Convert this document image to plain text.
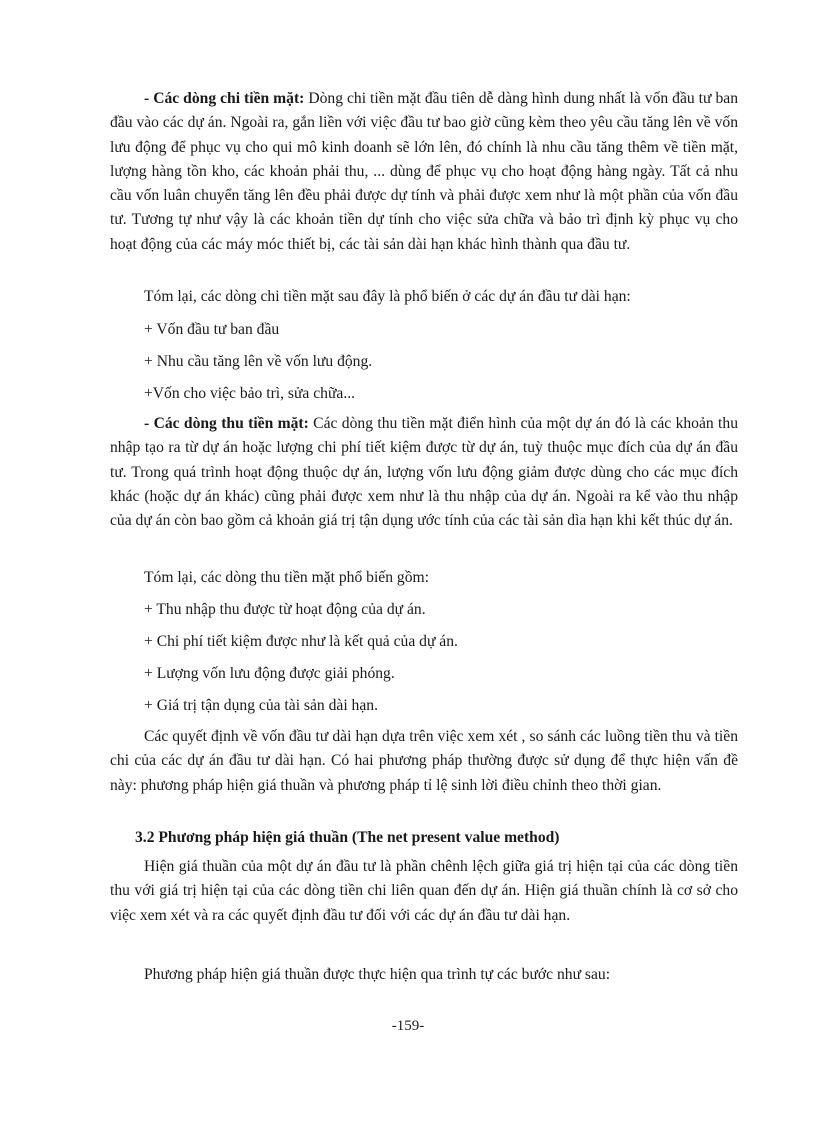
- Các dòng chi tiền mặt: Dòng chi tiền mặt đầu tiên dễ dàng hình dung nhất là vốn đầu tư ban đầu vào các dự án. Ngoài ra, gắn liền với việc đầu tư bao giờ cũng kèm theo yêu cầu tăng lên về vốn lưu động để phục vụ cho qui mô kinh doanh sẽ lớn lên, đó chính là nhu cầu tăng thêm về tiền mặt, lượng hàng tồn kho, các khoản phải thu, ... dùng để phục vụ cho hoạt động hàng ngày. Tất cả nhu cầu vốn luân chuyển tăng lên đều phải được dự tính và phải được xem như là một phần của vốn đầu tư. Tương tự như vậy là các khoản tiền dự tính cho việc sửa chữa và bảo trì định kỳ phục vụ cho hoạt động của các máy móc thiết bị, các tài sản dài hạn khác hình thành qua đầu tư.

Tóm lại, các dòng chi tiền mặt sau đây là phổ biến ở các dự án đầu tư dài hạn:

+ Vốn đầu tư ban đầu

+ Nhu cầu tăng lên về vốn lưu động.

+Vốn cho việc bảo trì, sửa chữa...

- Các dòng thu tiền mặt: Các dòng thu tiền mặt điển hình của một dự án đó là các khoản thu nhập tạo ra từ dự án hoặc lượng chi phí tiết kiệm được từ dự án, tuỳ thuộc mục đích của dự án đầu tư. Trong quá trình hoạt động thuộc dự án, lượng vốn lưu động giảm được dùng cho các mục đích khác (hoặc dự án khác) cũng phải được xem như là thu nhập của dự án. Ngoài ra kể vào thu nhập của dự án còn bao gồm cả khoản giá trị tận dụng ước tính của các tài sản dìa hạn khi kết thúc dự án.

Tóm lại, các dòng thu tiền mặt phổ biến gồm:

+ Thu nhập thu được từ hoạt động của dự án.

+ Chi phí tiết kiệm được như là kết quả của dự án.

+ Lượng vốn lưu động được giải phóng.

+ Giá trị tận dụng của tài sản dài hạn.

Các quyết định về vốn đầu tư dài hạn dựa trên việc xem xét , so sánh các luồng tiền thu và tiền chi của các dự án đầu tư dài hạn. Có hai phương pháp thường được sử dụng để thực hiện vấn đề này: phương pháp hiện giá thuần và phương pháp tỉ lệ sinh lời điều chỉnh theo thời gian.

3.2 Phương pháp hiện giá thuần (The net present value method)

Hiện giá thuần của một dự án đầu tư là phần chênh lệch giữa giá trị hiện tại của các dòng tiền thu với giá trị hiện tại của các dòng tiền chi liên quan đến dự án. Hiện giá thuần chính là cơ sở cho việc xem xét và ra các quyết định đầu tư đối với các dự án đầu tư dài hạn.

Phương pháp hiện giá thuần được thực hiện qua trình tự các bước như sau:

-159-
